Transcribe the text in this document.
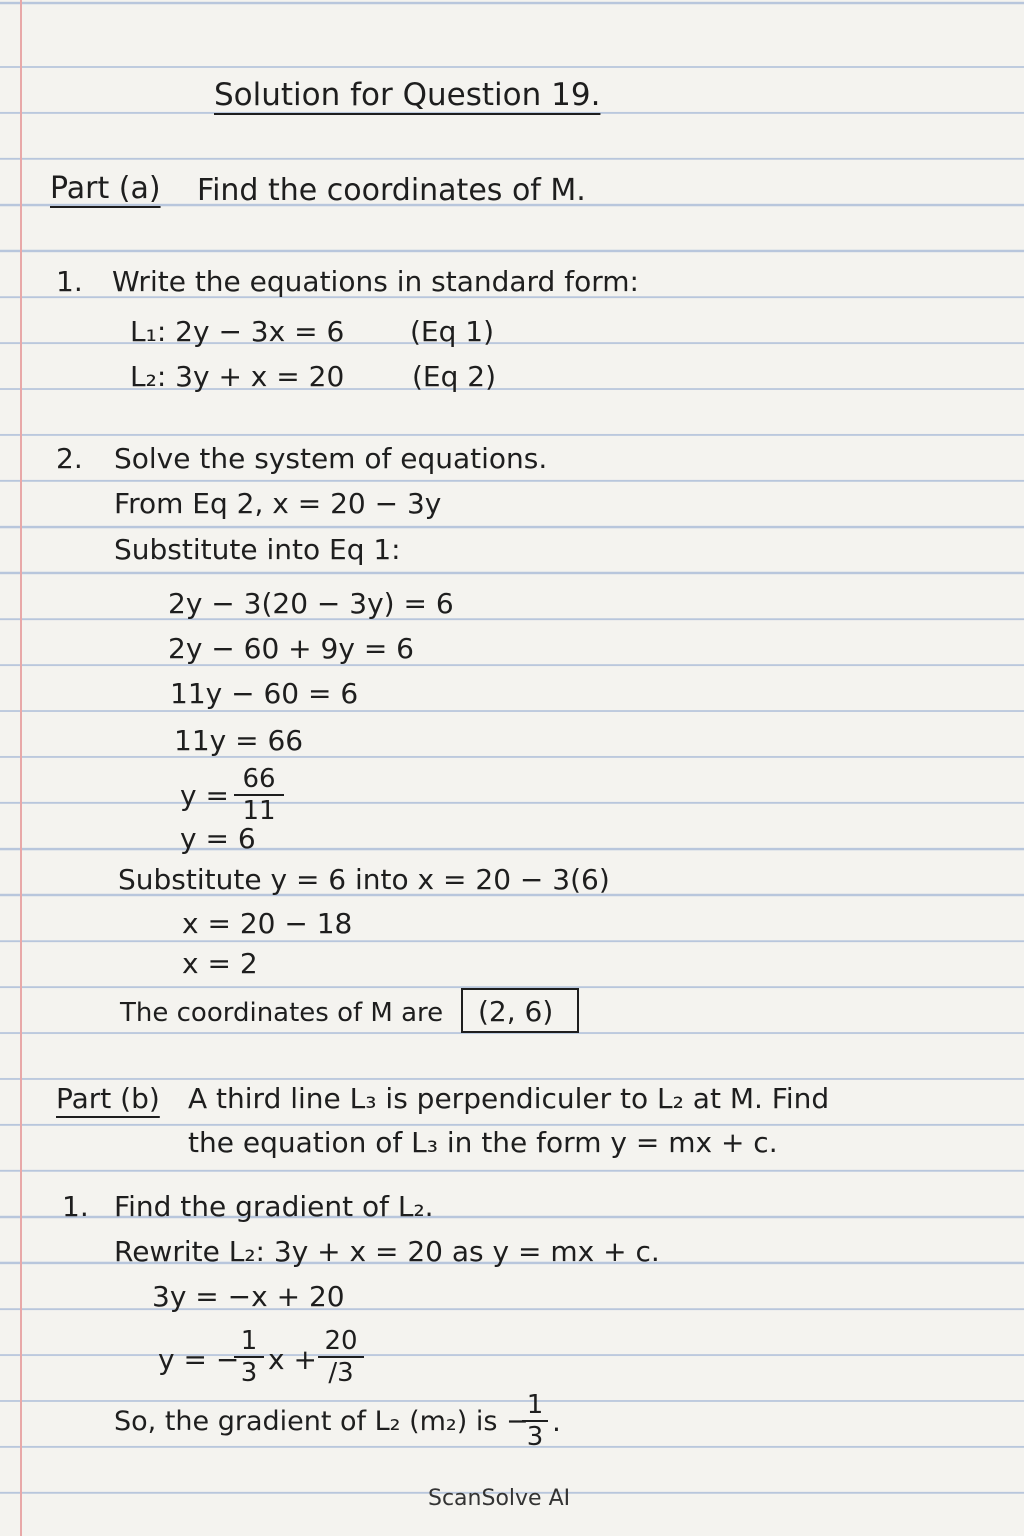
Solution for Question 19.
Part (a) Find the coordinates of M.
1. Write the equations in standard form:
L₁: 2y − 3x = 6 (Eq 1)
L₂: 3y + x = 20 (Eq 2)
2. Solve the system of equations.
From Eq 2, x = 20 − 3y
Substitute into Eq 1:
2y − 3(20 − 3y) = 6
2y − 60 + 9y = 6
11y − 60 = 6
11y = 66
$y = \frac{66}{11}$
y = 6
Substitute y = 6 into x = 20 − 3(6)
x = 20 − 18
x = 2
The coordinates of M are (2, 6)
Part (b) A third line L₃ is perpendiculer to L₂ at M. Find
the equation of L₃ in the form y = mx + c.
1. Find the gradient of L₂.
Rewrite L₂: 3y + x = 20 as y = mx + c.
3y = −x + 20
y = −
$\frac{1}{3}$ $x + \frac{20}{/3}$
So, the gradient of L₂ (m₂) is −
$\frac{1}{3}$ .
ScanSolve AI
